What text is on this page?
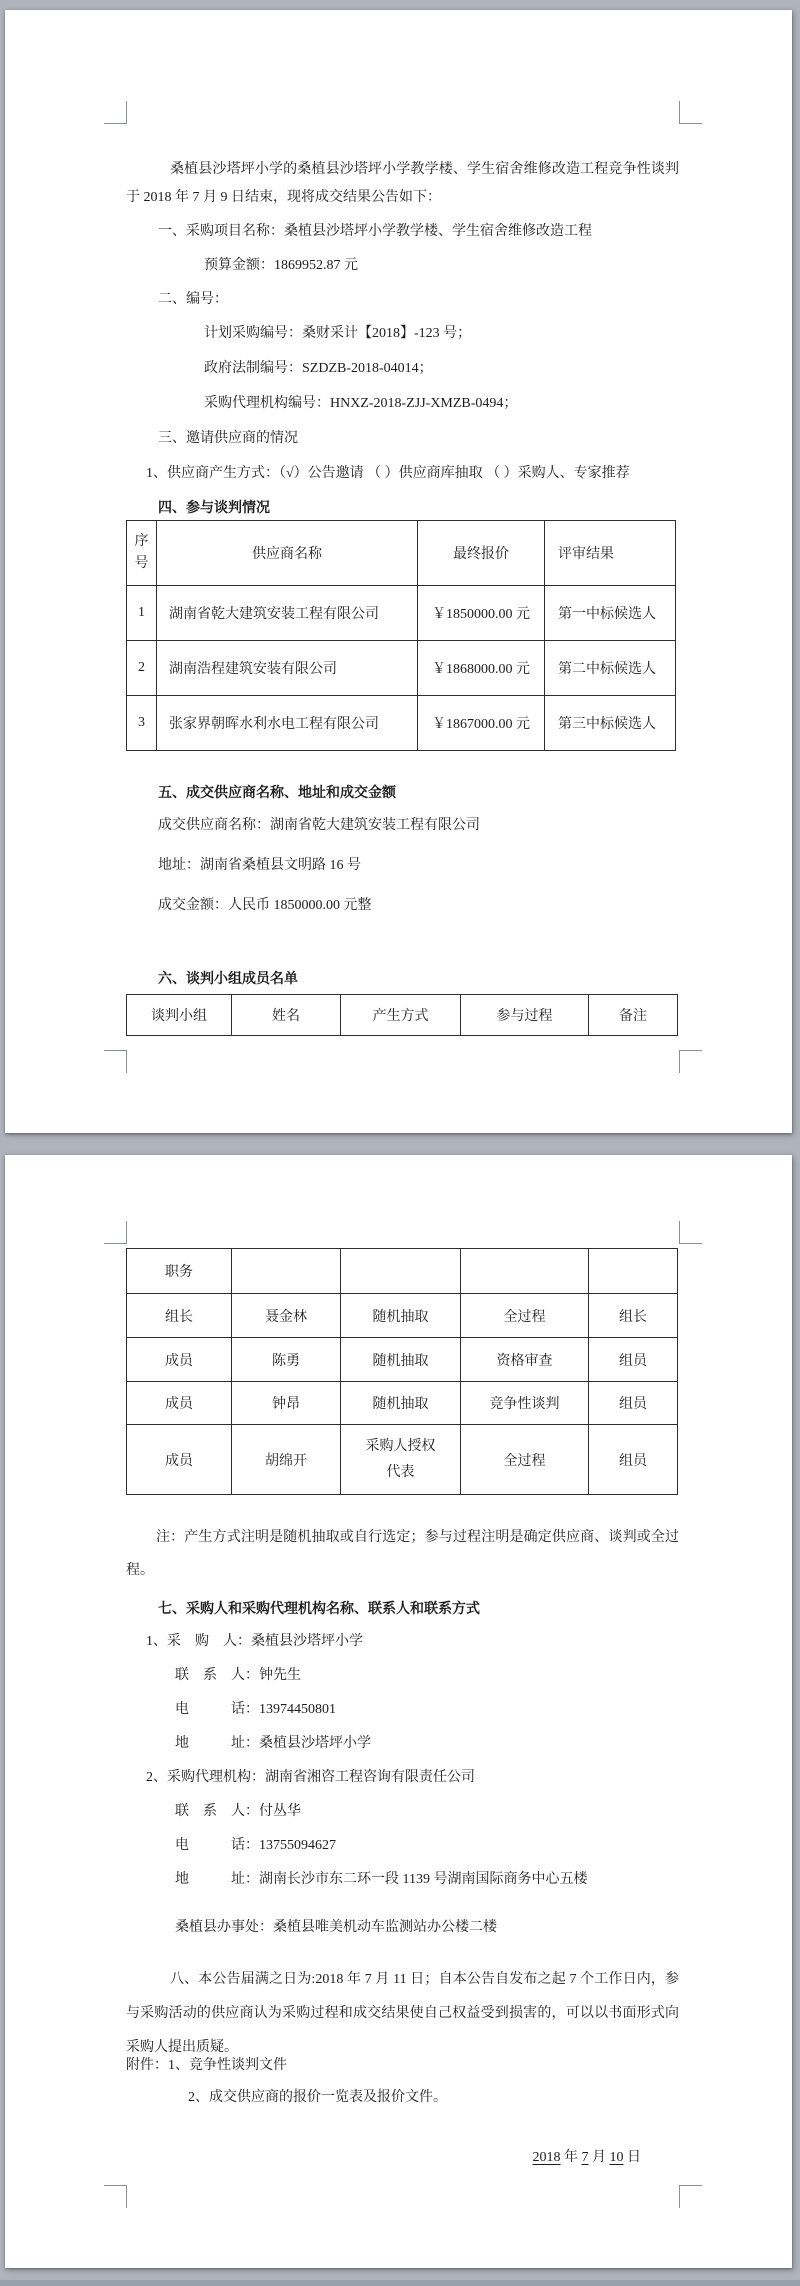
桑植县沙塔坪小学的桑植县沙塔坪小学教学楼、学生宿舍维修改造工程竞争性谈判于 2018 年 7 月 9 日结束，现将成交结果公告如下：

一、采购项目名称：桑植县沙塔坪小学教学楼、学生宿舍维修改造工程
预算金额：1869952.87 元
二、编号：
计划采购编号：桑财采计【2018】-123 号；
政府法制编号：SZDZB-2018-04014；
采购代理机构编号：HNXZ-2018-ZJJ-XMZB-0494；
三、邀请供应商的情况
1、供应商产生方式：（√）公告邀请 （ ）供应商库抽取 （ ）采购人、专家推荐
四、参与谈判情况
序号	供应商名称	最终报价	评审结果
1	湖南省乾大建筑安装工程有限公司	￥1850000.00 元	第一中标候选人
2	湖南浩程建筑安装有限公司	￥1868000.00 元	第二中标候选人
3	张家界朝晖水利水电工程有限公司	￥1867000.00 元	第三中标候选人
五、成交供应商名称、地址和成交金额
成交供应商名称：湖南省乾大建筑安装工程有限公司
地址：湖南省桑植县文明路 16 号
成交金额：人民币 1850000.00 元整
六、谈判小组成员名单
谈判小组	姓名	产生方式	参与过程	备注
职务				
组长	聂金林	随机抽取	全过程	组长
成员	陈勇	随机抽取	资格审查	组员
成员	钟昂	随机抽取	竞争性谈判	组员
成员	胡绵开	采购人授权代表	全过程	组员

注：产生方式注明是随机抽取或自行选定；参与过程注明是确定供应商、谈判或全过程。

七、采购人和采购代理机构名称、联系人和联系方式
1、采　购　人：桑植县沙塔坪小学
联　系　人：钟先生
电　　　话：13974450801
地　　　址：桑植县沙塔坪小学
2、采购代理机构：湖南省湘咨工程咨询有限责任公司
联　系　人：付丛华
电　　　话：13755094627
地　　　址：湖南长沙市东二环一段 1139 号湖南国际商务中心五楼
桑植县办事处：桑植县唯美机动车监测站办公楼二楼

八、本公告届满之日为:2018 年 7 月 11 日；自本公告自发布之起 7 个工作日内，参与采购活动的供应商认为采购过程和成交结果使自己权益受到损害的，可以以书面形式向采购人提出质疑。

附件：1、竞争性谈判文件
2、成交供应商的报价一览表及报价文件。
2018 年 7 月 10 日
